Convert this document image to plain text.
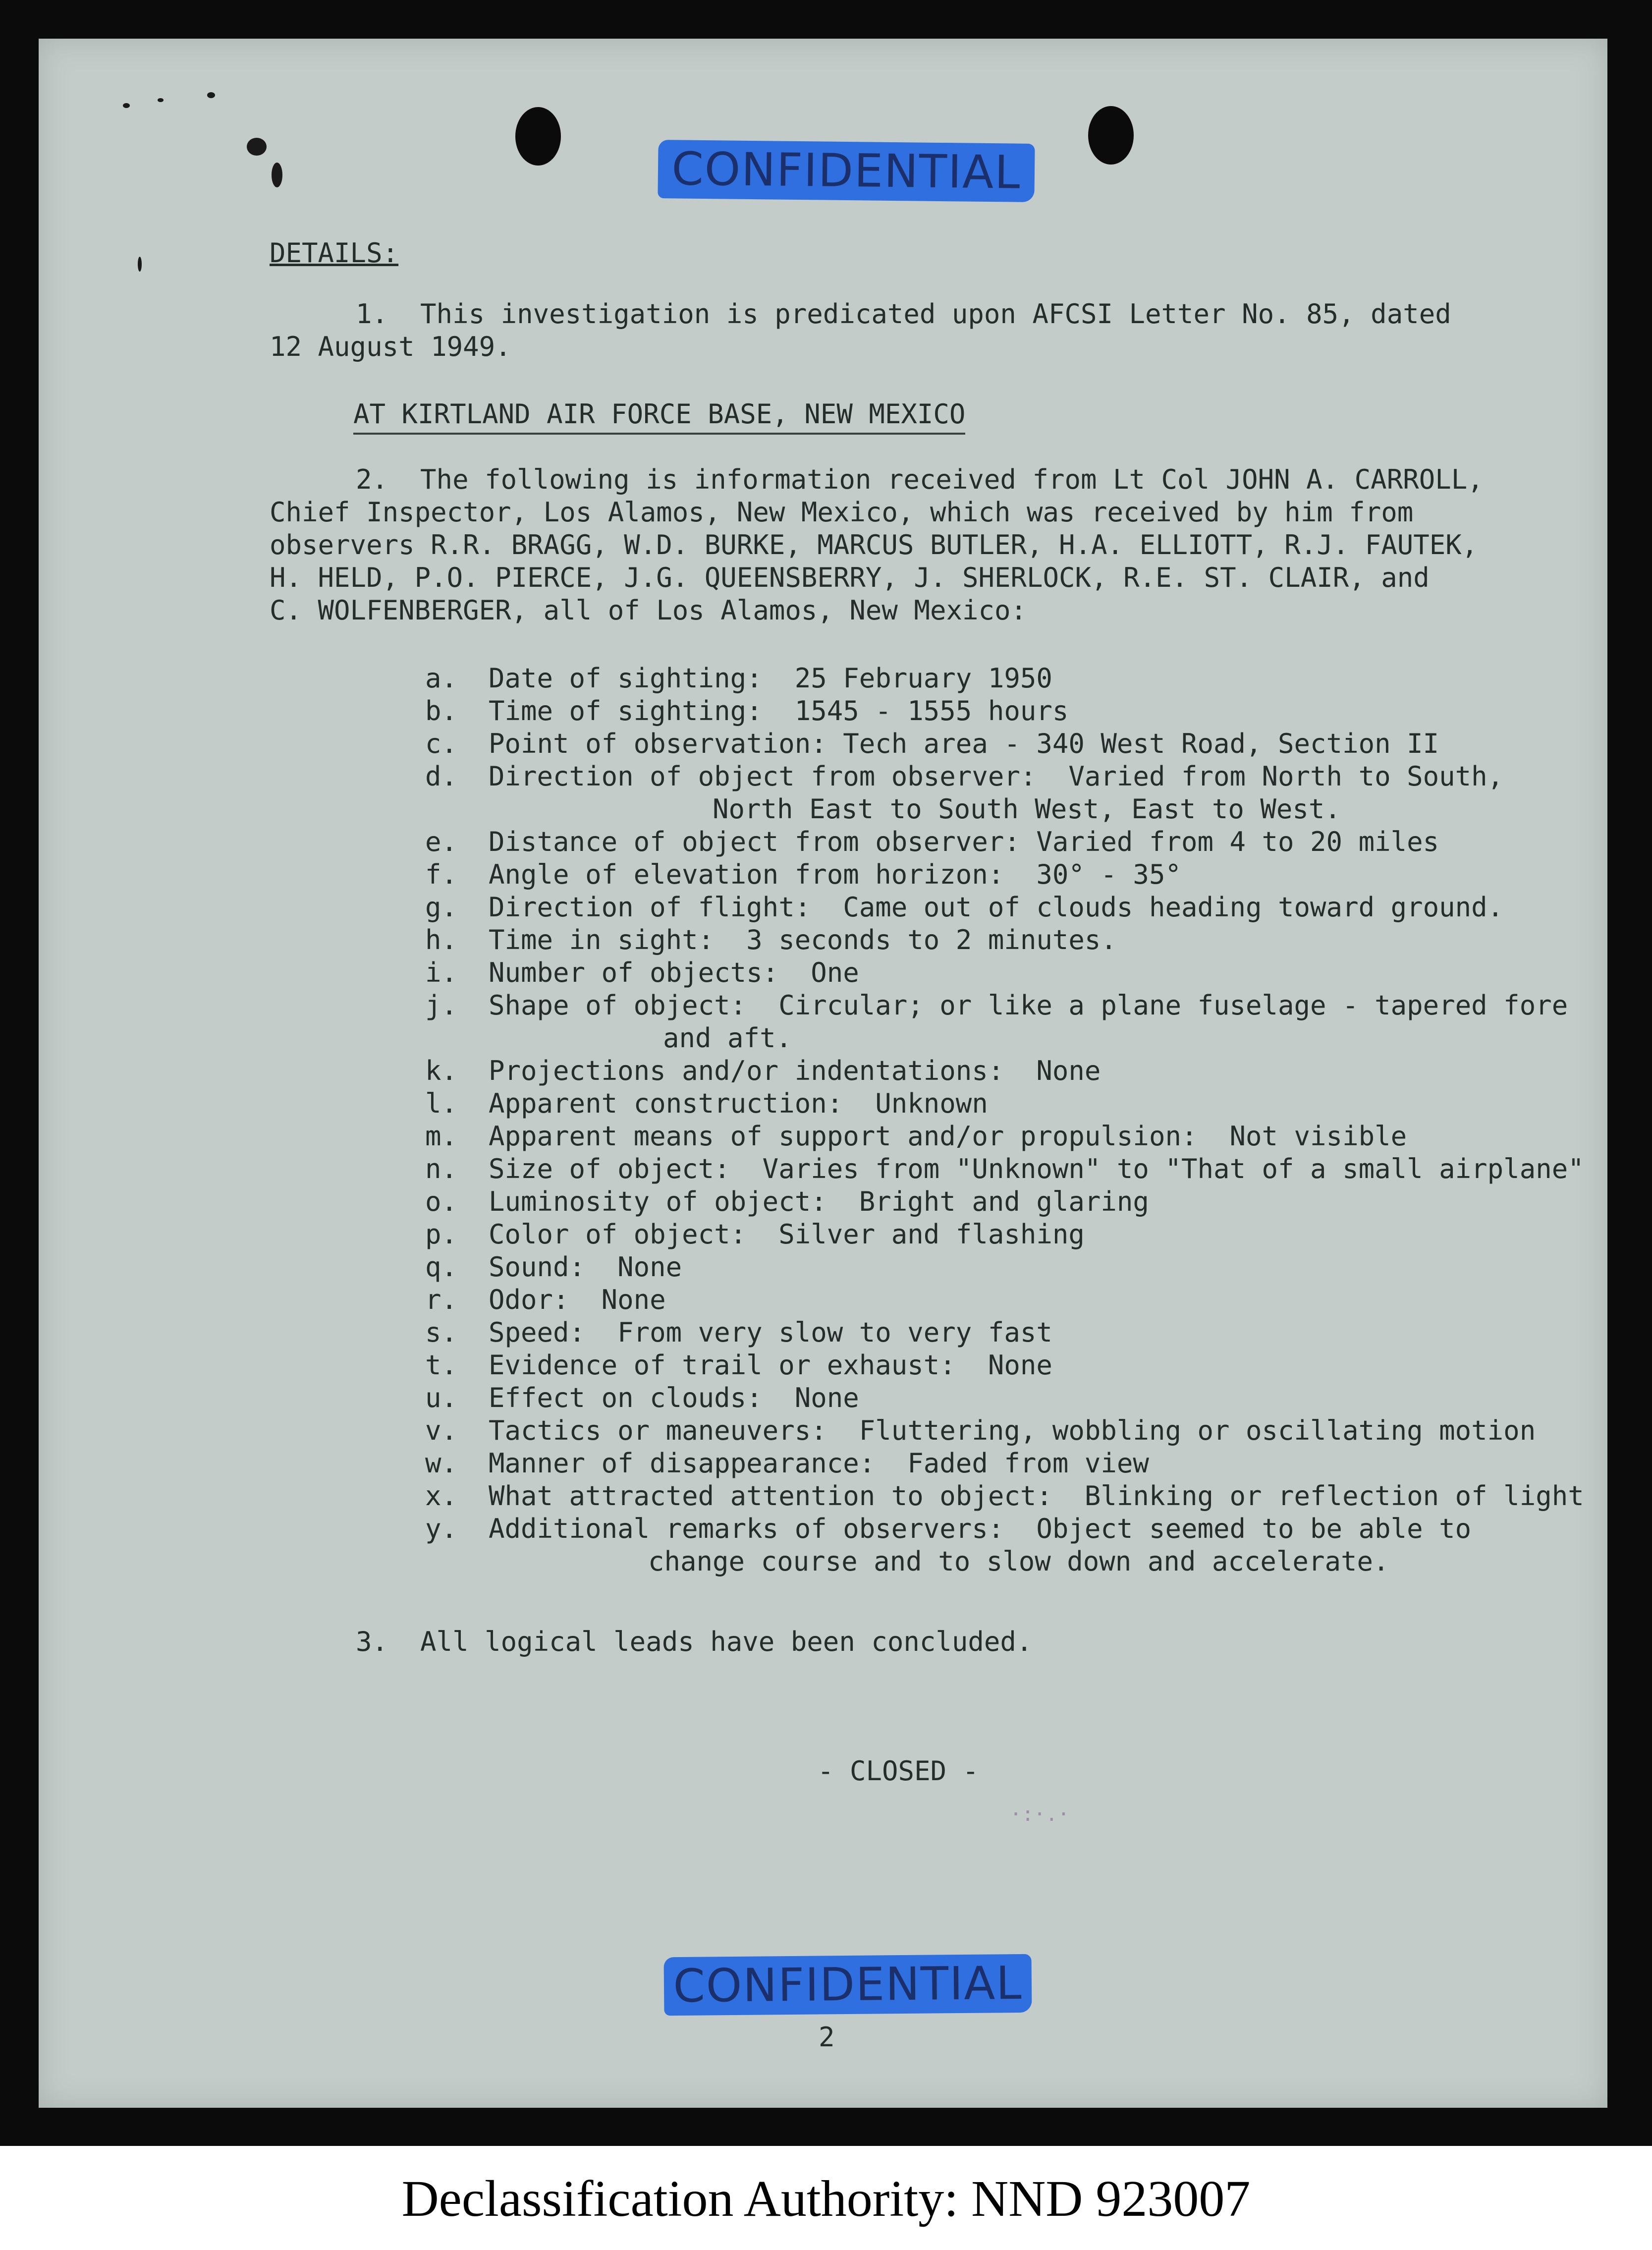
CONFIDENTIAL
DETAILS:
1.  This investigation is predicated upon AFCSI Letter No. 85, dated
12 August 1949.
AT KIRTLAND AIR FORCE BASE, NEW MEXICO
2.  The following is information received from Lt Col JOHN A. CARROLL,
Chief Inspector, Los Alamos, New Mexico, which was received by him from
observers R.R. BRAGG, W.D. BURKE, MARCUS BUTLER, H.A. ELLIOTT, R.J. FAUTEK,
H. HELD, P.O. PIERCE, J.G. QUEENSBERRY, J. SHERLOCK, R.E. ST. CLAIR, and
C. WOLFENBERGER, all of Los Alamos, New Mexico:
a. Date of sighting:  25 February 1950
b. Time of sighting:  1545 - 1555 hours
c. Point of observation: Tech area - 340 West Road, Section II
d. Direction of object from observer:  Varied from North to South,
North East to South West, East to West.
e. Distance of object from observer: Varied from 4 to 20 miles
f. Angle of elevation from horizon:  30° - 35°
g. Direction of flight:  Came out of clouds heading toward ground.
h. Time in sight:  3 seconds to 2 minutes.
i. Number of objects:  One
j. Shape of object:  Circular; or like a plane fuselage - tapered fore
and aft.
k. Projections and/or indentations:  None
l. Apparent construction:  Unknown
m. Apparent means of support and/or propulsion:  Not visible
n. Size of object:  Varies from "Unknown" to "That of a small airplane"
o. Luminosity of object:  Bright and glaring
p. Color of object:  Silver and flashing
q. Sound:  None
r. Odor:  None
s. Speed:  From very slow to very fast
t. Evidence of trail or exhaust:  None
u. Effect on clouds:  None
v. Tactics or maneuvers:  Fluttering, wobbling or oscillating motion
w. Manner of disappearance:  Faded from view
x. What attracted attention to object:  Blinking or reflection of light
y. Additional remarks of observers:  Object seemed to be able to
change course and to slow down and accelerate.
3.  All logical leads have been concluded.
- CLOSED -
·:·.·
CONFIDENTIAL
2
Declassification Authority: NND 923007
